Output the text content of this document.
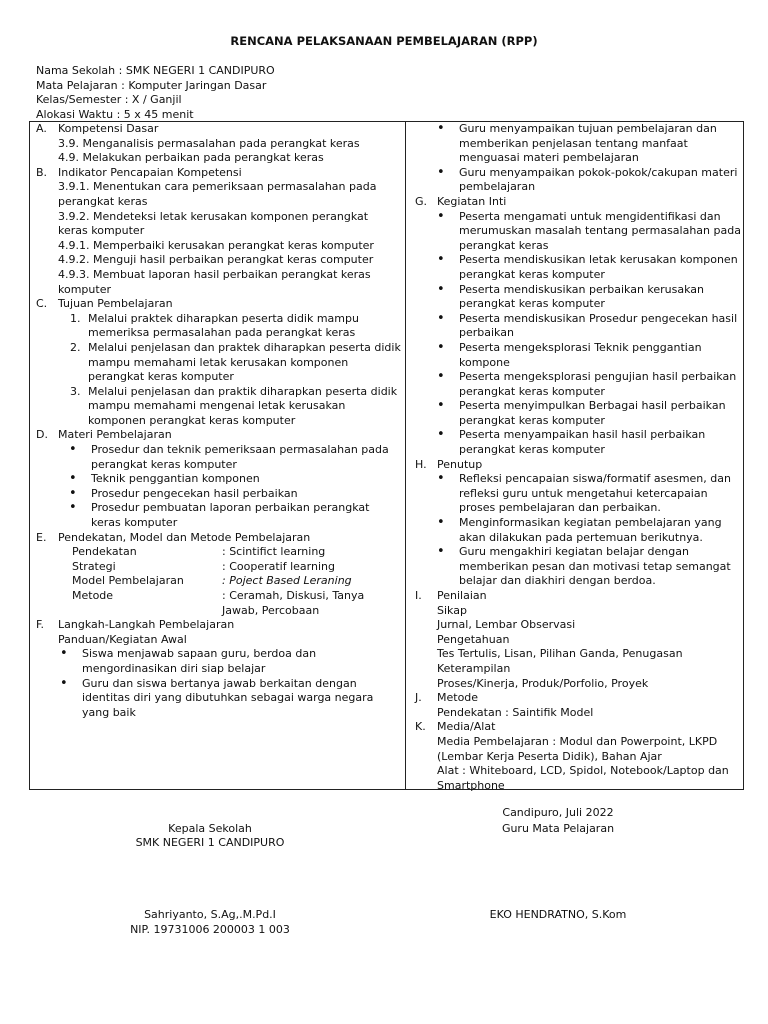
RENCANA PELAKSANAAN PEMBELAJARAN (RPP)
Nama Sekolah : SMK NEGERI 1 CANDIPURO
Mata Pelajaran : Komputer Jaringan Dasar
Kelas/Semester : X / Ganjil
Alokasi Waktu : 5 x 45 menit
A.	Kompetensi Dasar
3.9. Menganalisis permasalahan pada perangkat keras
4.9. Melakukan perbaikan pada perangkat keras
B. Indikator Pencapaian Kompetensi
3.9.1. Menentukan cara pemeriksaan permasalahan pada perangkat keras
3.9.2. Mendeteksi letak kerusakan komponen perangkat keras komputer
4.9.1. Memperbaiki kerusakan perangkat keras komputer
4.9.2. Menguji hasil perbaikan perangkat keras computer
4.9.3. Membuat laporan hasil perbaikan perangkat keras komputer
C. Tujuan Pembelajaran
1. Melalui praktek diharapkan peserta didik mampu memeriksa permasalahan pada perangkat keras
2. Melalui penjelasan dan praktek diharapkan peserta didik mampu memahami letak kerusakan komponen perangkat keras komputer
3. Melalui penjelasan dan praktik diharapkan peserta didik mampu memahami mengenai letak kerusakan komponen perangkat keras komputer
D. Materi Pembelajaran
• Prosedur dan teknik pemeriksaan permasalahan pada perangkat keras komputer
• Teknik penggantian komponen
• Prosedur pengecekan hasil perbaikan
• Prosedur pembuatan laporan perbaikan perangkat keras komputer
E.	Pendekatan, Model dan Metode Pembelajaran
Pendekatan	: Scintifict learning
Strategi	: Cooperatif learning
Model Pembelajaran	: Poject Based Leraning
Metode	: Ceramah, Diskusi, Tanya Jawab, Percobaan
F.	Langkah-Langkah Pembelajaran
Panduan/Kegiatan Awal
• Siswa menjawab sapaan guru, berdoa dan mengordinasikan diri siap belajar
• Guru dan siswa bertanya jawab berkaitan dengan identitas diri yang dibutuhkan sebagai warga negara yang baik
• Guru menyampaikan tujuan pembelajaran dan memberikan penjelasan tentang manfaat menguasai materi pembelajaran
• Guru menyampaikan pokok-pokok/cakupan materi pembelajaran
G. Kegiatan Inti
• Peserta mengamati untuk mengidentifikasi dan merumuskan masalah tentang permasalahan pada perangkat keras
• Peserta mendiskusikan letak kerusakan komponen perangkat keras komputer
• Peserta mendiskusikan perbaikan kerusakan perangkat keras komputer
• Peserta mendiskusikan Prosedur pengecekan hasil perbaikan
• Peserta mengeksplorasi Teknik penggantian kompone
• Peserta mengeksplorasi pengujian hasil perbaikan perangkat keras komputer
• Peserta menyimpulkan Berbagai hasil perbaikan perangkat keras komputer
• Peserta menyampaikan hasil hasil perbaikan perangkat keras komputer
H. Penutup
• Refleksi pencapaian siswa/formatif asesmen, dan refleksi guru untuk mengetahui ketercapaian proses pembelajaran dan perbaikan.
• Menginformasikan kegiatan pembelajaran yang akan dilakukan pada pertemuan berikutnya.
• Guru mengakhiri kegiatan belajar dengan memberikan pesan dan motivasi tetap semangat belajar dan diakhiri dengan berdoa.
I.	Penilaian
Sikap
Jurnal, Lembar Observasi
Pengetahuan
Tes Tertulis, Lisan, Pilihan Ganda, Penugasan
Keterampilan
Proses/Kinerja, Produk/Porfolio, Proyek
J.	Metode
Pendekatan : Saintifik Model
K.	Media/Alat
Media Pembelajaran : Modul dan Powerpoint, LKPD (Lembar Kerja Peserta Didik), Bahan Ajar
Alat : Whiteboard, LCD, Spidol, Notebook/Laptop dan Smartphone
Candipuro, Juli 2022
Kepala Sekolah	Guru Mata Pelajaran
SMK NEGERI 1 CANDIPURO
Sahriyanto, S.Ag,.M.Pd.I	EKO HENDRATNO, S.Kom
NIP. 19731006 200003 1 003
